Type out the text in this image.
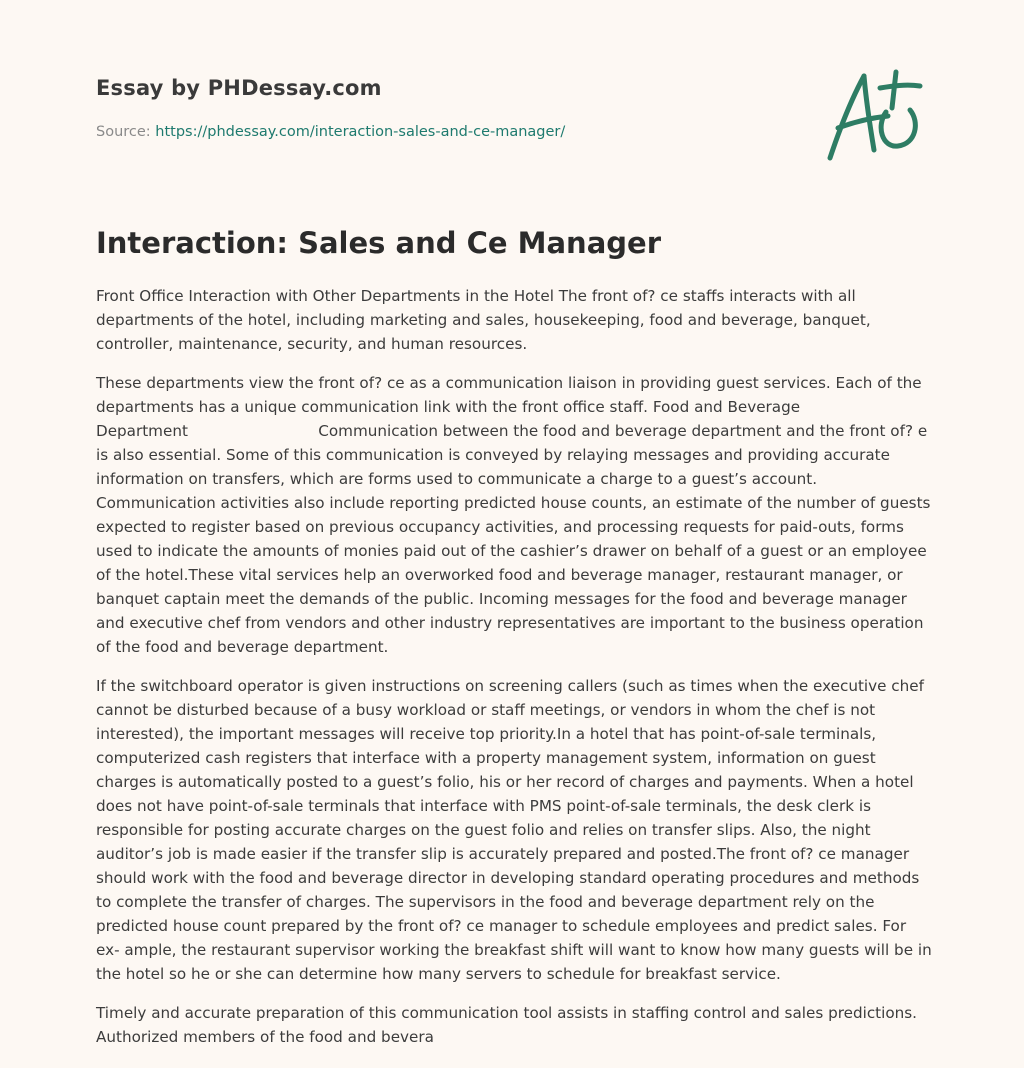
Essay by PHDessay.com
Source: https://phdessay.com/interaction-sales-and-ce-manager/
Interaction: Sales and Ce Manager

Front Office Interaction with Other Departments in the Hotel The front of? ce staffs interacts with all departments of the hotel, including marketing and sales, housekeeping, food and beverage, banquet, controller, maintenance, security, and human resources.

These departments view the front of? ce as a communication liaison in providing guest services. Each of the departments has a unique communication link with the front office staff. Food and Beverage Department                           Communication between the food and beverage department and the front of? e is also essential. Some of this communication is conveyed by relaying messages and providing accurate information on transfers, which are forms used to communicate a charge to a guest’s account. Communication activities also include reporting predicted house counts, an estimate of the number of guests expected to register based on previous occupancy activities, and processing requests for paid-outs, forms used to indicate the amounts of monies paid out of the cashier’s drawer on behalf of a guest or an employee of the hotel.These vital services help an overworked food and beverage manager, restaurant manager, or banquet captain meet the demands of the public. Incoming messages for the food and beverage manager and executive chef from vendors and other industry representatives are important to the business operation of the food and beverage department.

If the switchboard operator is given instructions on screening callers (such as times when the executive chef cannot be disturbed because of a busy workload or staff meetings, or vendors in whom the chef is not interested), the important messages will receive top priority.In a hotel that has point-of-sale terminals, computerized cash registers that interface with a property management system, information on guest charges is automatically posted to a guest’s folio, his or her record of charges and payments. When a hotel does not have point-of-sale terminals that interface with PMS point-of-sale terminals, the desk clerk is responsible for posting accurate charges on the guest folio and relies on transfer slips. Also, the night auditor’s job is made easier if the transfer slip is accurately prepared and posted.The front of? ce manager should work with the food and beverage director in developing standard operating procedures and methods to complete the transfer of charges. The supervisors in the food and beverage department rely on the predicted house count prepared by the front of? ce manager to schedule employees and predict sales. For ex- ample, the restaurant supervisor working the breakfast shift will want to know how many guests will be in the hotel so he or she can determine how many servers to schedule for breakfast service.

Timely and accurate preparation of this communication tool assists in staffing control and sales predictions. Authorized members of the food and bevera
